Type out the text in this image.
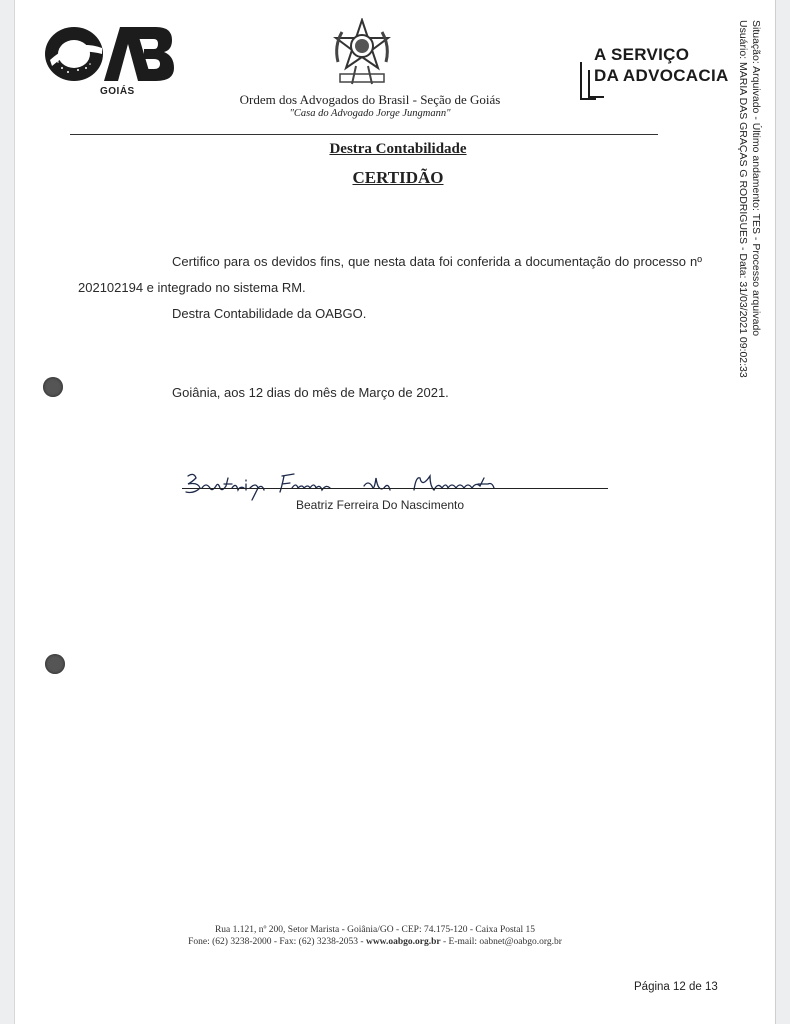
GOIÁS
Ordem dos Advogados do Brasil - Seção de Goiás
"Casa do Advogado Jorge Jungmann"
A SERVIÇO
DA ADVOCACIA Situação: Arquivado - Último andamento: TES - Processo arquivado
Usuário: MARIA DAS GRAÇAS G RODRIGUES - Data: 31/03/2021 09:02:33
Destra Contabilidade
CERTIDÃO

Certifico para os devidos fins, que nesta data foi conferida a documentação do processo nº 202102194 e integrado no sistema RM.

Destra Contabilidade da OABGO.

Goiânia, aos 12 dias do mês de Março de 2021.
Beatriz Ferreira Do Nascimento
Rua 1.121, nº 200, Setor Marista - Goiânia/GO - CEP: 74.175-120 - Caixa Postal 15
Fone: (62) 3238-2000 - Fax: (62) 3238-2053 - www.oabgo.org.br - E-mail: oabnet@oabgo.org.br
Página 12 de 13
